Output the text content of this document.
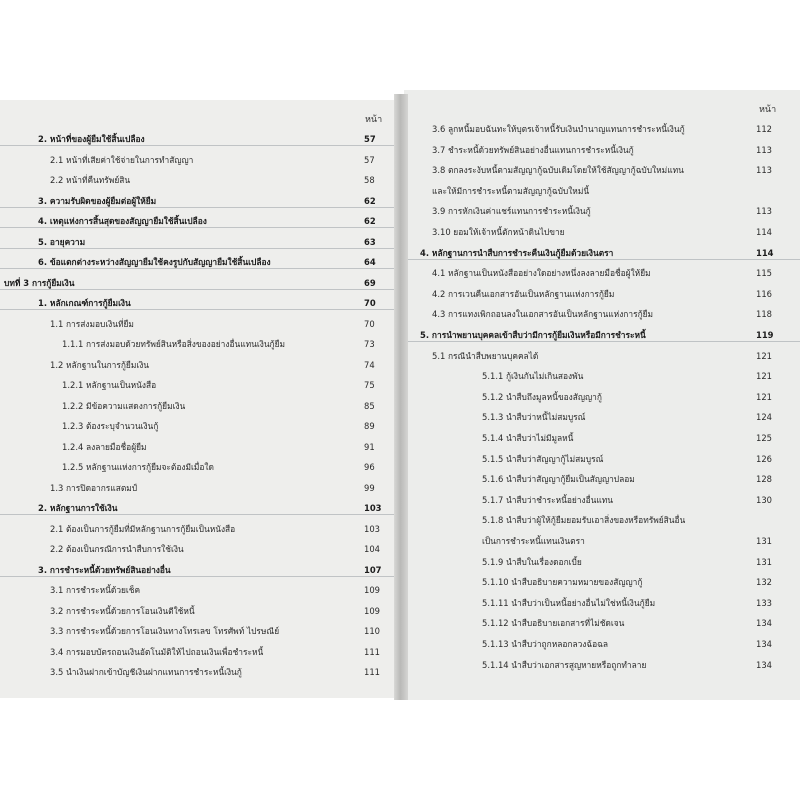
หน้า
2. หน้าที่ของผู้ยืมใช้สิ้นเปลือง	57
2.1 หน้าที่เสียค่าใช้จ่ายในการทำสัญญา	57
2.2 หน้าที่คืนทรัพย์สิน	58
3. ความรับผิดของผู้ยืมต่อผู้ให้ยืม	62
4. เหตุแห่งการสิ้นสุดของสัญญายืมใช้สิ้นเปลือง	62
5. อายุความ	63
6. ข้อแตกต่างระหว่างสัญญายืมใช้คงรูปกับสัญญายืมใช้สิ้นเปลือง	64
บทที่ 3 การกู้ยืมเงิน	69
1. หลักเกณฑ์การกู้ยืมเงิน	70
1.1 การส่งมอบเงินที่ยืม	70
1.1.1 การส่งมอบด้วยทรัพย์สินหรือสิ่งของอย่างอื่นแทนเงินกู้ยืม	73
1.2 หลักฐานในการกู้ยืมเงิน	74
1.2.1 หลักฐานเป็นหนังสือ	75
1.2.2 มีข้อความแสดงการกู้ยืมเงิน	85
1.2.3 ต้องระบุจำนวนเงินกู้	89
1.2.4 ลงลายมือชื่อผู้ยืม	91
1.2.5 หลักฐานแห่งการกู้ยืมจะต้องมีเมื่อใด	96
1.3 การปิดอากรแสตมป์	99
2. หลักฐานการใช้เงิน	103
2.1 ต้องเป็นการกู้ยืมที่มีหลักฐานการกู้ยืมเป็นหนังสือ	103
2.2 ต้องเป็นกรณีการนำสืบการใช้เงิน	104
3. การชำระหนี้ด้วยทรัพย์สินอย่างอื่น	107
3.1 การชำระหนี้ด้วยเช็ค	109
3.2 การชำระหนี้ด้วยการโอนเงินตีใช้หนี้	109
3.3 การชำระหนี้ด้วยการโอนเงินทางโทรเลข โทรศัพท์ ไปรษณีย์	110
3.4 การมอบบัตรถอนเงินอัตโนมัติให้ไปถอนเงินเพื่อชำระหนี้	111
3.5 นำเงินฝากเข้าบัญชีเงินฝากแทนการชำระหนี้เงินกู้	111
หน้า
3.6 ลูกหนี้มอบฉันทะให้บุตรเจ้าหนี้รับเงินบำนาญแทนการชำระหนี้เงินกู้	112
3.7 ชำระหนี้ด้วยทรัพย์สินอย่างอื่นแทนการชำระหนี้เงินกู้	113
3.8 ตกลงระงับหนี้ตามสัญญากู้ฉบับเดิมโดยให้ใช้สัญญากู้ฉบับใหม่แทน	113
และให้มีการชำระหนี้ตามสัญญากู้ฉบับใหม่นี้
3.9 การหักเงินค่าแชร์แทนการชำระหนี้เงินกู้	113
3.10 ยอมให้เจ้าหนี้ตักหน้าดินไปขาย	114
4. หลักฐานการนำสืบการชำระคืนเงินกู้ยืมด้วยเงินตรา	114
4.1 หลักฐานเป็นหนังสืออย่างใดอย่างหนึ่งลงลายมือชื่อผู้ให้ยืม	115
4.2 การเวนคืนเอกสารอันเป็นหลักฐานแห่งการกู้ยืม	116
4.3 การแทงเพิกถอนลงในเอกสารอันเป็นหลักฐานแห่งการกู้ยืม	118
5. การนำพยานบุคคลเข้าสืบว่ามีการกู้ยืมเงินหรือมีการชำระหนี้	119
5.1 กรณีนำสืบพยานบุคคลได้	121
5.1.1 กู้เงินกันไม่เกินสองพัน	121
5.1.2 นำสืบถึงมูลหนี้ของสัญญากู้	121
5.1.3 นำสืบว่าหนี้ไม่สมบูรณ์	124
5.1.4 นำสืบว่าไม่มีมูลหนี้	125
5.1.5 นำสืบว่าสัญญากู้ไม่สมบูรณ์	126
5.1.6 นำสืบว่าสัญญากู้ยืมเป็นสัญญาปลอม	128
5.1.7 นำสืบว่าชำระหนี้อย่างอื่นแทน	130
5.1.8 นำสืบว่าผู้ให้กู้ยืมยอมรับเอาสิ่งของหรือทรัพย์สินอื่น
เป็นการชำระหนี้แทนเงินตรา	131
5.1.9 นำสืบในเรื่องดอกเบี้ย	131
5.1.10 นำสืบอธิบายความหมายของสัญญากู้	132
5.1.11 นำสืบว่าเป็นหนี้อย่างอื่นไม่ใช่หนี้เงินกู้ยืม	133
5.1.12 นำสืบอธิบายเอกสารที่ไม่ชัดเจน	134
5.1.13 นำสืบว่าถูกหลอกลวงฉ้อฉล	134
5.1.14 นำสืบว่าเอกสารสูญหายหรือถูกทำลาย	134
